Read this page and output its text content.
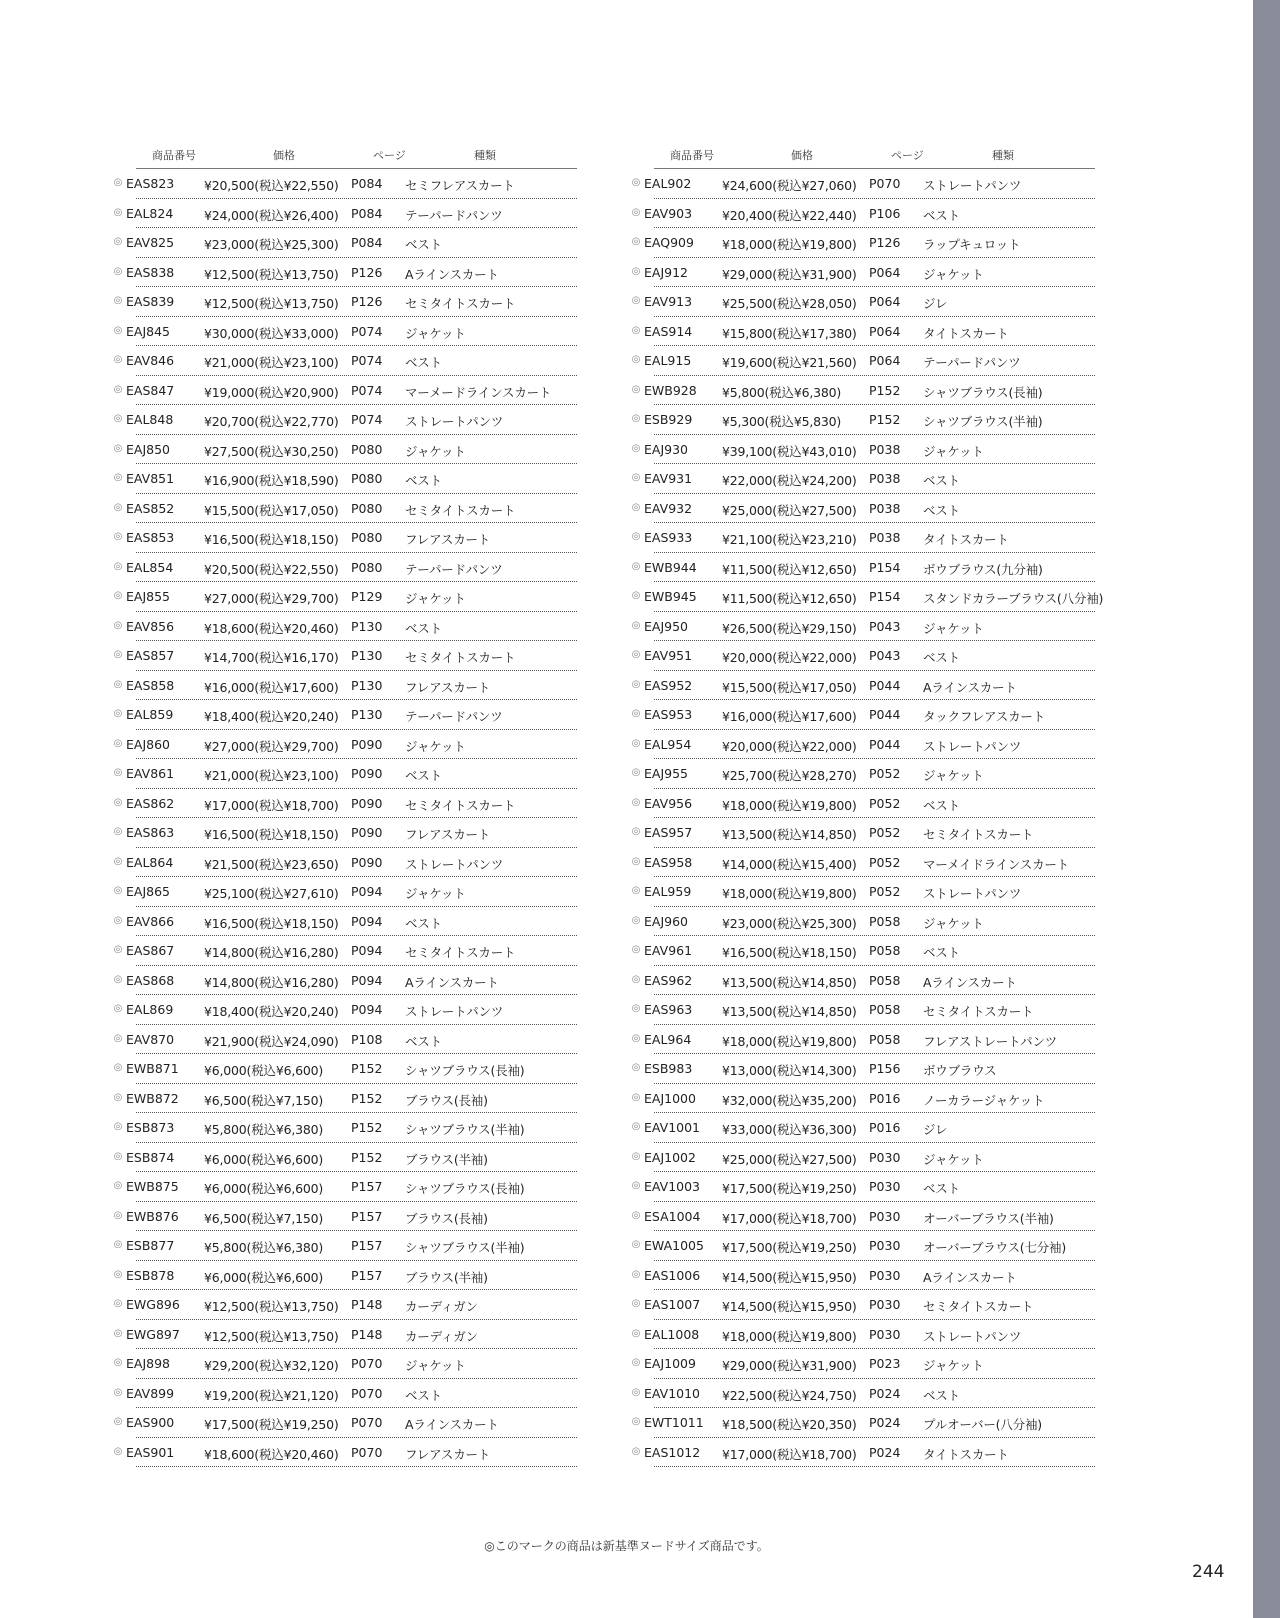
商品番号	価格	ページ	種類
◎ EAS823 ¥20,500(税込¥22,550) P084 セミフレアスカート
◎ EAL824 ¥24,000(税込¥26,400) P084 テーパードパンツ
◎ EAV825 ¥23,000(税込¥25,300) P084 ベスト
◎ EAS838 ¥12,500(税込¥13,750) P126 Aラインスカート
◎ EAS839 ¥12,500(税込¥13,750) P126 セミタイトスカート
◎ EAJ845	¥30,000(税込¥33,000) P074 ジャケット
◎ EAV846 ¥21,000(税込¥23,100) P074 ベスト
◎ EAS847 ¥19,000(税込¥20,900) P074 マーメードラインスカート
◎ EAL848 ¥20,700(税込¥22,770) P074 ストレートパンツ
◎ EAJ850	¥27,500(税込¥30,250) P080 ジャケット
◎ EAV851 ¥16,900(税込¥18,590) P080 ベスト
◎ EAS852 ¥15,500(税込¥17,050) P080 セミタイトスカート
◎ EAS853 ¥16,500(税込¥18,150) P080 フレアスカート
◎ EAL854 ¥20,500(税込¥22,550) P080 テーパードパンツ
◎ EAJ855	¥27,000(税込¥29,700) P129 ジャケット
◎ EAV856 ¥18,600(税込¥20,460) P130 ベスト
◎ EAS857 ¥14,700(税込¥16,170) P130 セミタイトスカート
◎ EAS858 ¥16,000(税込¥17,600) P130 フレアスカート
◎ EAL859 ¥18,400(税込¥20,240) P130 テーパードパンツ
◎ EAJ860	¥27,000(税込¥29,700) P090 ジャケット
◎ EAV861 ¥21,000(税込¥23,100) P090 ベスト
◎ EAS862 ¥17,000(税込¥18,700) P090 セミタイトスカート
◎ EAS863 ¥16,500(税込¥18,150) P090 フレアスカート
◎ EAL864 ¥21,500(税込¥23,650) P090 ストレートパンツ
◎ EAJ865	¥25,100(税込¥27,610) P094 ジャケット
◎ EAV866 ¥16,500(税込¥18,150) P094 ベスト
◎ EAS867 ¥14,800(税込¥16,280) P094 セミタイトスカート
◎ EAS868 ¥14,800(税込¥16,280) P094 Aラインスカート
◎ EAL869 ¥18,400(税込¥20,240) P094 ストレートパンツ
◎ EAV870 ¥21,900(税込¥24,090) P108 ベスト
◎ EWB871 ¥6,000(税込¥6,600) P152 シャツブラウス(長袖)
◎ EWB872 ¥6,500(税込¥7,150) P152 ブラウス(長袖)
◎ ESB873 ¥5,800(税込¥6,380) P152 シャツブラウス(半袖)
◎ ESB874 ¥6,000(税込¥6,600) P152 ブラウス(半袖)
◎ EWB875 ¥6,000(税込¥6,600) P157 シャツブラウス(長袖)
◎ EWB876 ¥6,500(税込¥7,150) P157 ブラウス(長袖)
◎ ESB877 ¥5,800(税込¥6,380) P157 シャツブラウス(半袖)
◎ ESB878 ¥6,000(税込¥6,600) P157 ブラウス(半袖)
◎ EWG896 ¥12,500(税込¥13,750) P148 カーディガン
◎ EWG897 ¥12,500(税込¥13,750) P148 カーディガン
◎ EAJ898	¥29,200(税込¥32,120) P070 ジャケット
◎ EAV899 ¥19,200(税込¥21,120) P070 ベスト
◎ EAS900 ¥17,500(税込¥19,250) P070 Aラインスカート
◎ EAS901 ¥18,600(税込¥20,460) P070 フレアスカート
商品番号	価格	ページ	種類
◎ EAL902 ¥24,600(税込¥27,060) P070 ストレートパンツ
◎ EAV903 ¥20,400(税込¥22,440) P106 ベスト
◎ EAQ909 ¥18,000(税込¥19,800) P126 ラップキュロット
◎ EAJ912	¥29,000(税込¥31,900) P064 ジャケット
◎ EAV913 ¥25,500(税込¥28,050) P064 ジレ
◎ EAS914 ¥15,800(税込¥17,380) P064 タイトスカート
◎ EAL915 ¥19,600(税込¥21,560) P064 テーパードパンツ
◎ EWB928 ¥5,800(税込¥6,380) P152 シャツブラウス(長袖)
◎ ESB929 ¥5,300(税込¥5,830) P152 シャツブラウス(半袖)
◎ EAJ930	¥39,100(税込¥43,010) P038 ジャケット
◎ EAV931 ¥22,000(税込¥24,200) P038 ベスト
◎ EAV932 ¥25,000(税込¥27,500) P038 ベスト
◎ EAS933 ¥21,100(税込¥23,210) P038 タイトスカート
◎ EWB944 ¥11,500(税込¥12,650) P154 ボウブラウス(九分袖)
◎ EWB945 ¥11,500(税込¥12,650) P154 スタンドカラーブラウス(八分袖)
◎ EAJ950	¥26,500(税込¥29,150) P043 ジャケット
◎ EAV951 ¥20,000(税込¥22,000) P043 ベスト
◎ EAS952 ¥15,500(税込¥17,050) P044 Aラインスカート
◎ EAS953 ¥16,000(税込¥17,600) P044 タックフレアスカート
◎ EAL954 ¥20,000(税込¥22,000) P044 ストレートパンツ
◎ EAJ955	¥25,700(税込¥28,270) P052 ジャケット
◎ EAV956 ¥18,000(税込¥19,800) P052 ベスト
◎ EAS957 ¥13,500(税込¥14,850) P052 セミタイトスカート
◎ EAS958 ¥14,000(税込¥15,400) P052 マーメイドラインスカート
◎ EAL959 ¥18,000(税込¥19,800) P052 ストレートパンツ
◎ EAJ960	¥23,000(税込¥25,300) P058 ジャケット
◎ EAV961 ¥16,500(税込¥18,150) P058 ベスト
◎ EAS962 ¥13,500(税込¥14,850) P058 Aラインスカート
◎ EAS963 ¥13,500(税込¥14,850) P058 セミタイトスカート
◎ EAL964 ¥18,000(税込¥19,800) P058 フレアストレートパンツ
◎ ESB983 ¥13,000(税込¥14,300) P156 ボウブラウス
◎ EAJ1000 ¥32,000(税込¥35,200) P016 ノーカラージャケット
◎ EAV1001 ¥33,000(税込¥36,300) P016 ジレ
◎ EAJ1002 ¥25,000(税込¥27,500) P030 ジャケット
◎ EAV1003 ¥17,500(税込¥19,250) P030 ベスト
◎ ESA1004 ¥17,000(税込¥18,700) P030 オーバーブラウス(半袖)
◎ EWA1005 ¥17,500(税込¥19,250) P030 オーバーブラウス(七分袖)
◎ EAS1006 ¥14,500(税込¥15,950) P030 Aラインスカート
◎ EAS1007 ¥14,500(税込¥15,950) P030 セミタイトスカート
◎ EAL1008 ¥18,000(税込¥19,800) P030 ストレートパンツ
◎ EAJ1009 ¥29,000(税込¥31,900) P023 ジャケット
◎ EAV1010 ¥22,500(税込¥24,750) P024 ベスト
◎ EWT1011 ¥18,500(税込¥20,350) P024 プルオーバー(八分袖)
◎ EAS1012 ¥17,000(税込¥18,700) P024 タイトスカート
◎このマークの商品は新基準ヌードサイズ商品です。
244
